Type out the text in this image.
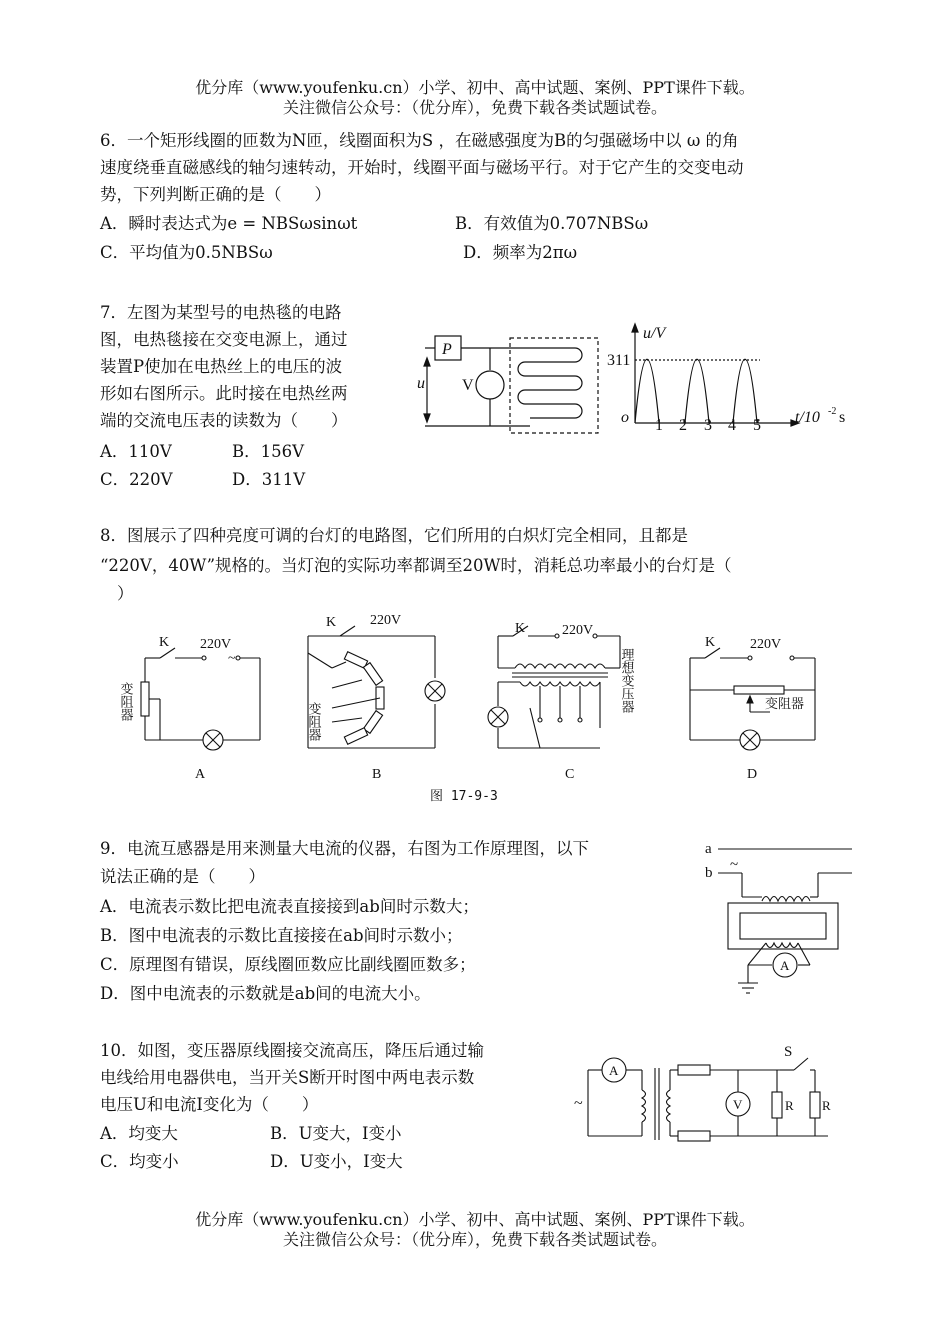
优分库（www.youfenku.cn）小学、初中、高中试题、案例、PPT课件下载。
关注微信公众号：（优分库），免费下载各类试题试卷。
6．一个矩形线圈的匝数为N匝，线圈面积为S ，在磁感强度为B的匀强磁场中以 ω 的角
速度绕垂直磁感线的轴匀速转动，开始时，线圈平面与磁场平行。对于它产生的交变电动
势，下列判断正确的是（　　）
A．瞬时表达式为e = NBSωsinωt	B．有效值为0.707NBSω
C．平均值为0.5NBSω	D．频率为2πω
7．左图为某型号的电热毯的电路
图，电热毯接在交变电源上，通过
装置P使加在电热丝上的电压的波
形如右图所示。此时接在电热丝两
端的交流电压表的读数为（　　）
A．110V	B．156V
C．220V	D．311V
P
u V
u/V
311
o 1 2 3 4 5 t/10 -2 s
8．图展示了四种亮度可调的台灯的电路图，它们所用的白炽灯完全相同，且都是
“220V，40W”规格的。当灯泡的实际功率都调至20W时，消耗总功率最小的台灯是（
）
K 220V
~
变阻器
K 220V
变阻器
K	220V
理想变压器
K 220V
变阻器
A	B	C	D
图 17-9-3
9．电流互感器是用来测量大电流的仪器，右图为工作原理图，以下
说法正确的是（　　）
A．电流表示数比把电流表直接接到ab间时示数大；
B．图中电流表的示数比直接接在ab间时示数小；
C．原理图有错误，原线圈匝数应比副线圈匝数多；
D．图中电流表的示数就是ab间的电流大小。
a
b ~
A
10．如图，变压器原线圈接交流高压，降压后通过输
电线给用电器供电，当开关S断开时图中两电表示数
电压U和电流I变化为（　　）
A．均变大	B．U变大，I变小
C．均变小	D．U变小，I变大
A
V
S
R R
~
优分库（www.youfenku.cn）小学、初中、高中试题、案例、PPT课件下载。
关注微信公众号：（优分库），免费下载各类试题试卷。
